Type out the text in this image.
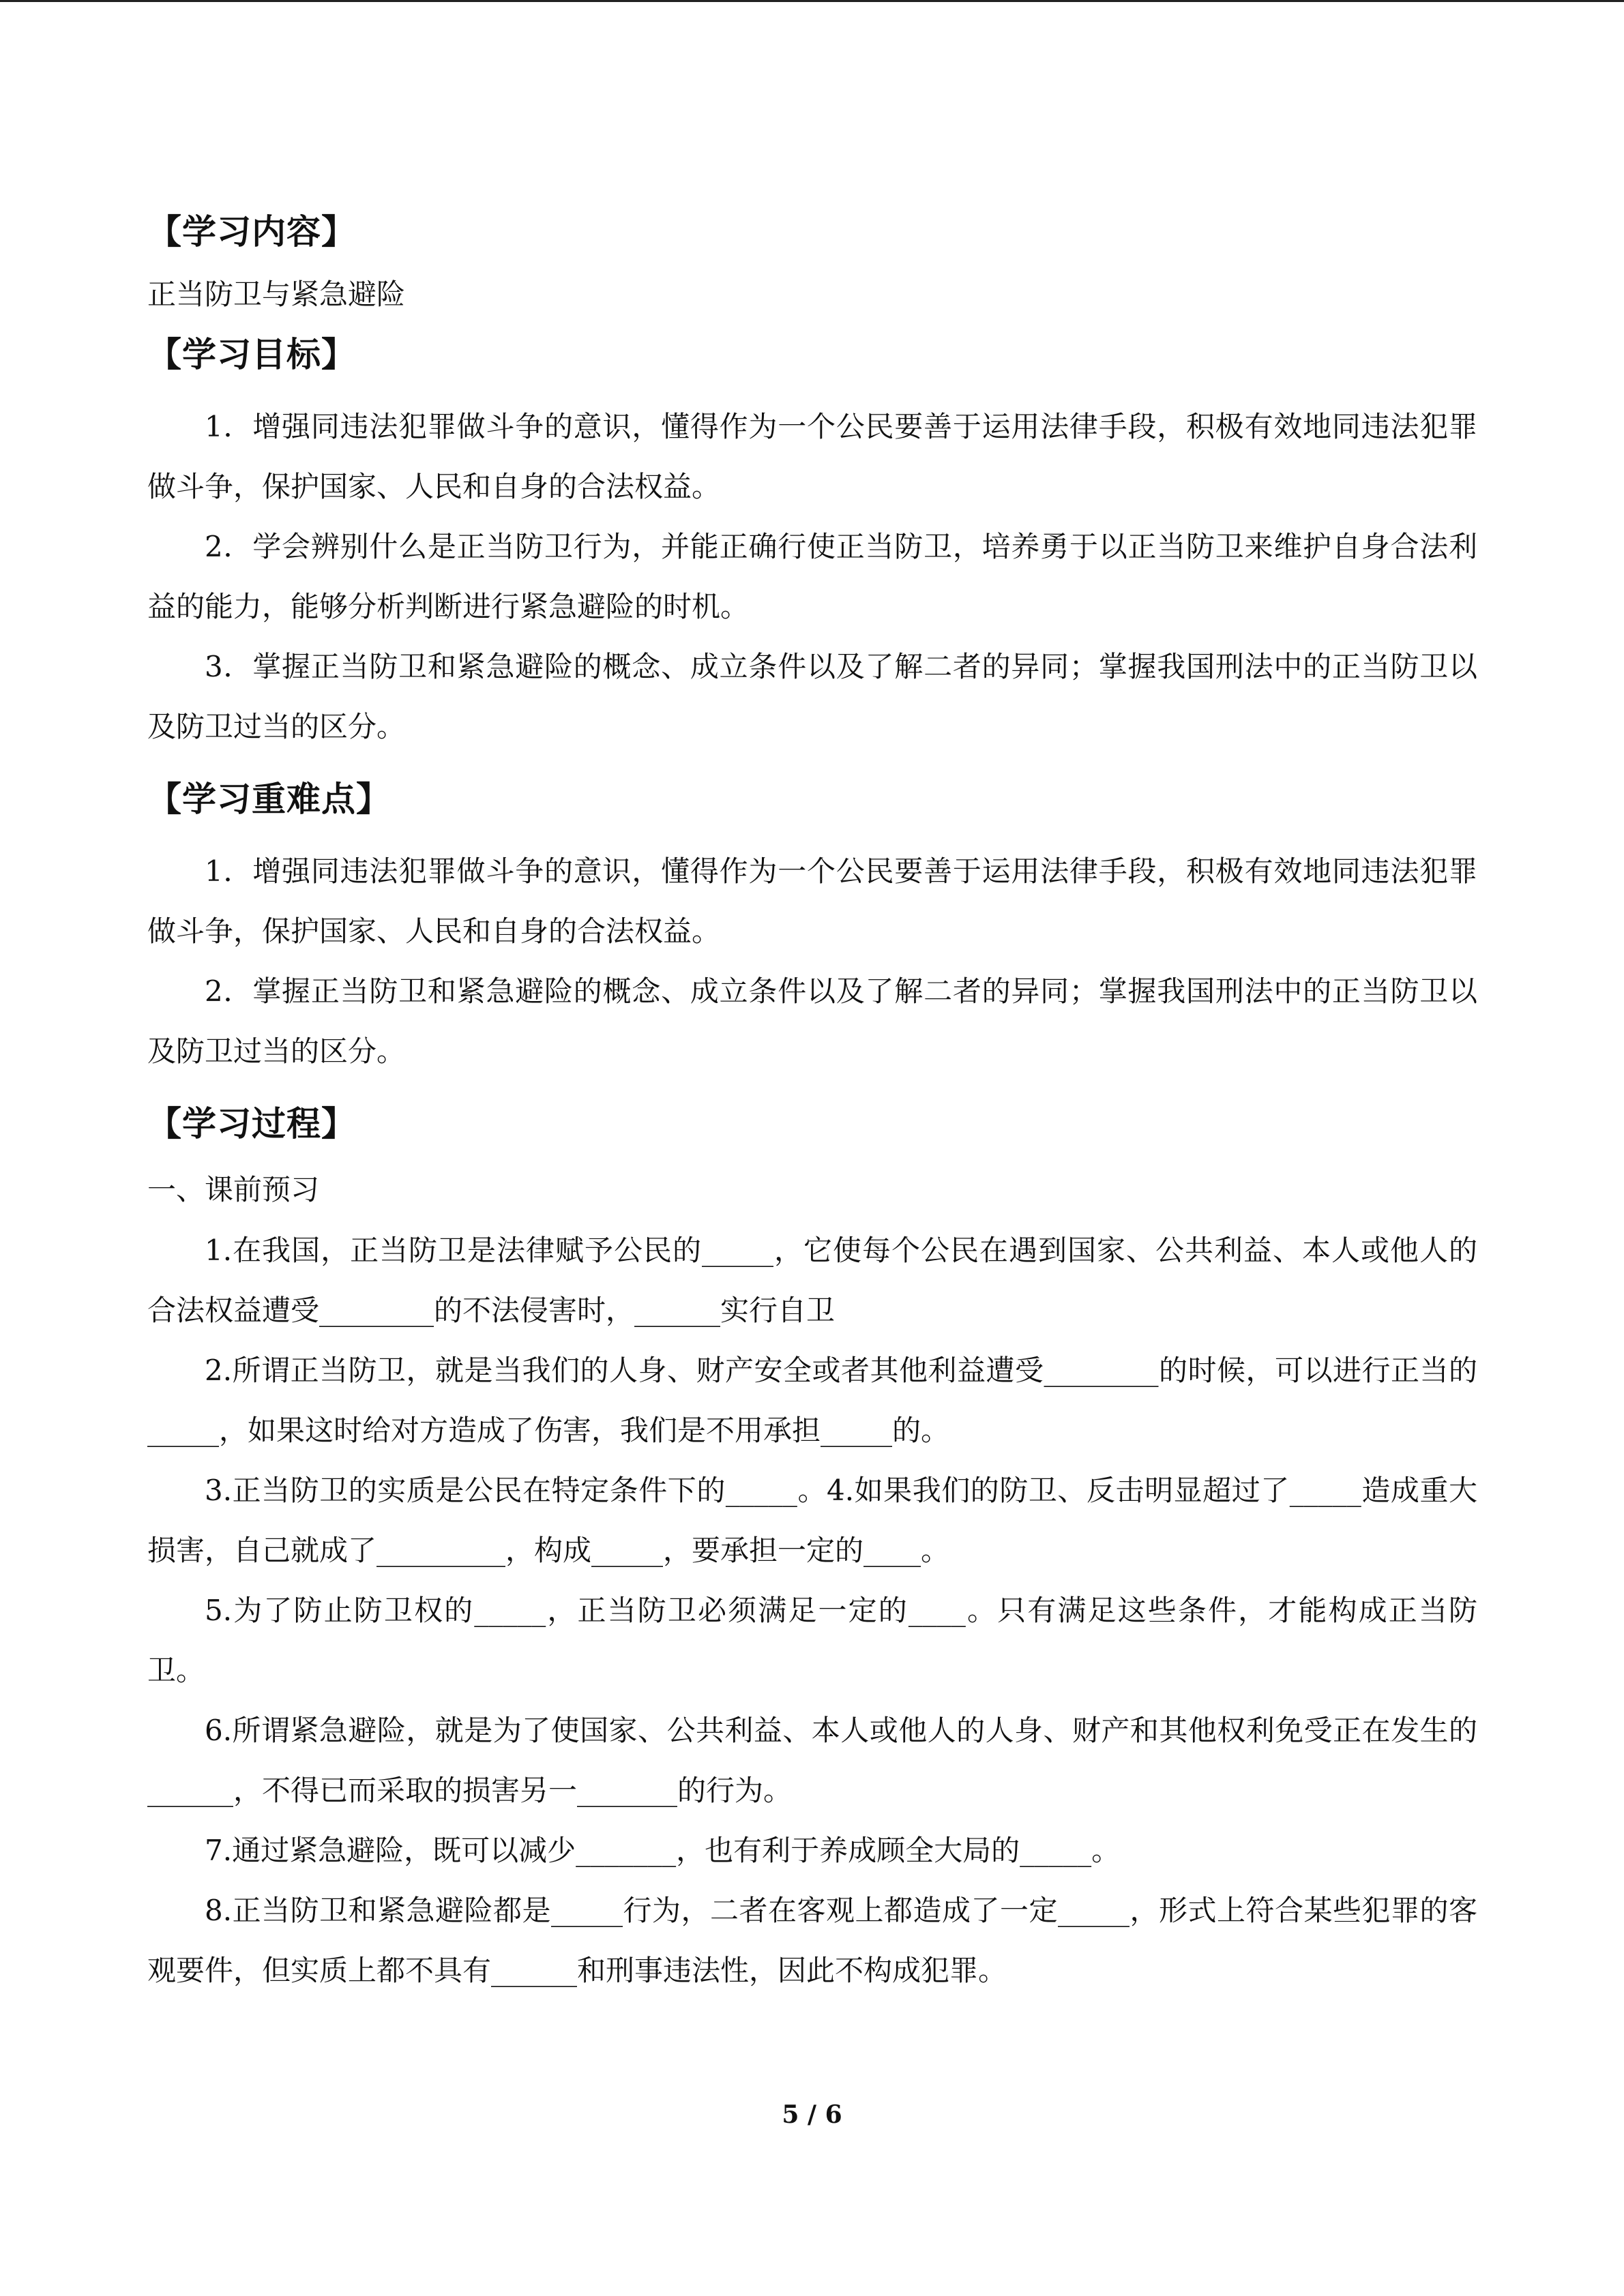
【学习内容】
正当防卫与紧急避险
【学习目标】

1．增强同违法犯罪做斗争的意识，懂得作为一个公民要善于运用法律手段，积极有效地同违法犯罪做斗争，保护国家、人民和自身的合法权益。

2．学会辨别什么是正当防卫行为，并能正确行使正当防卫，培养勇于以正当防卫来维护自身合法利益的能力，能够分析判断进行紧急避险的时机。

3．掌握正当防卫和紧急避险的概念、成立条件以及了解二者的异同；掌握我国刑法中的正当防卫以及防卫过当的区分。

【学习重难点】

1．增强同违法犯罪做斗争的意识，懂得作为一个公民要善于运用法律手段，积极有效地同违法犯罪做斗争，保护国家、人民和自身的合法权益。

2．掌握正当防卫和紧急避险的概念、成立条件以及了解二者的异同；掌握我国刑法中的正当防卫以及防卫过当的区分。

【学习过程】
一、课前预习

1.在我国，正当防卫是法律赋予公民的_____，它使每个公民在遇到国家、公共利益、本人或他人的合法权益遭受________的不法侵害时，______实行自卫

2.所谓正当防卫，就是当我们的人身、财产安全或者其他利益遭受________的时候，可以进行正当的_____，如果这时给对方造成了伤害，我们是不用承担_____的。

3.正当防卫的实质是公民在特定条件下的_____。4.如果我们的防卫、反击明显超过了_____造成重大损害，自己就成了_________，构成_____，要承担一定的____。

5.为了防止防卫权的_____，正当防卫必须满足一定的____。只有满足这些条件，才能构成正当防卫。

6.所谓紧急避险，就是为了使国家、公共利益、本人或他人的人身、财产和其他权利免受正在发生的______，不得已而采取的损害另一_______的行为。

7.通过紧急避险，既可以减少_______，也有利于养成顾全大局的_____。

8.正当防卫和紧急避险都是_____行为，二者在客观上都造成了一定_____，形式上符合某些犯罪的客观要件，但实质上都不具有______和刑事违法性，因此不构成犯罪。

5 / 6
